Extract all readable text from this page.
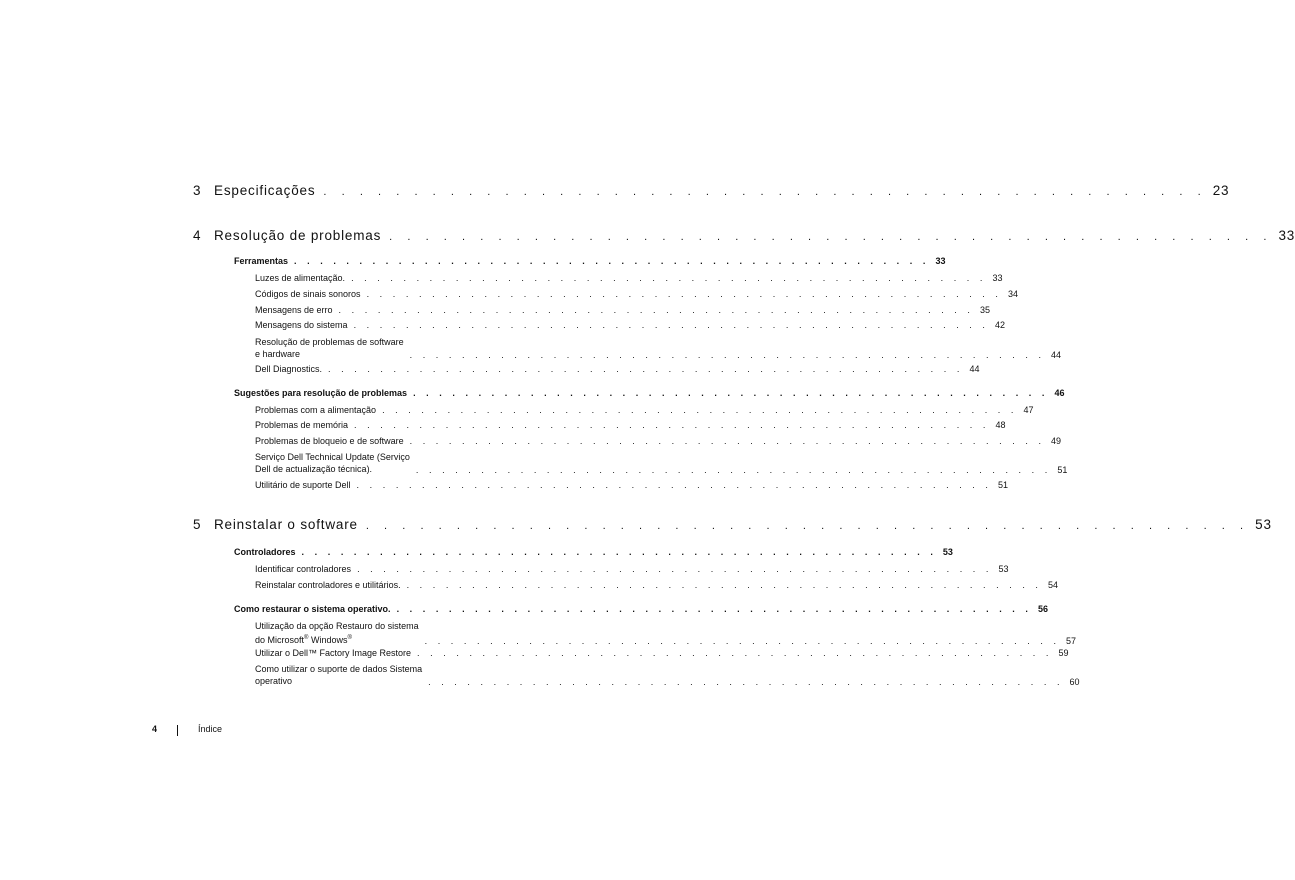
3 Especificações . . . . . . . . . . . . . . . . . . . . . . . . . . . . . . . . . . . . . . . . . . . . . . . . . 23
4 Resolução de problemas . . . . . . . . . . . . . . . . . . . . . . . . . . . . . . . . . . . . . . . . . . . . . . . . . 33
Ferramentas . . . . . . . . . . . . . . . . . . . . . . . . . . . . . . . . . . . . . . . . . . . . . . . . . 33
Luzes de alimentação. . . . . . . . . . . . . . . . . . . . . . . . . . . . . . . . . . . . . . . . . . . . . . . . . . 33
Códigos de sinais sonoros . . . . . . . . . . . . . . . . . . . . . . . . . . . . . . . . . . . . . . . . . . . . . . . . . 34
Mensagens de erro . . . . . . . . . . . . . . . . . . . . . . . . . . . . . . . . . . . . . . . . . . . . . . . . . 35
Mensagens do sistema . . . . . . . . . . . . . . . . . . . . . . . . . . . . . . . . . . . . . . . . . . . . . . . . . 42
Resolução de problemas de software
e hardware	. . . . . . . . . . . . . . . . . . . . . . . . . . . . . . . . . . . . . . . . . . . . . . . . . 44
Dell Diagnostics. . . . . . . . . . . . . . . . . . . . . . . . . . . . . . . . . . . . . . . . . . . . . . . . . . 44
Sugestões para resolução de problemas . . . . . . . . . . . . . . . . . . . . . . . . . . . . . . . . . . . . . . . . . . . . . . . . . 46
Problemas com a alimentação . . . . . . . . . . . . . . . . . . . . . . . . . . . . . . . . . . . . . . . . . . . . . . . . . 47
Problemas de memória . . . . . . . . . . . . . . . . . . . . . . . . . . . . . . . . . . . . . . . . . . . . . . . . . 48
Problemas de bloqueio e de software . . . . . . . . . . . . . . . . . . . . . . . . . . . . . . . . . . . . . . . . . . . . . . . . . 49
Serviço Dell Technical Update (Serviço
Dell de actualização técnica).	. . . . . . . . . . . . . . . . . . . . . . . . . . . . . . . . . . . . . . . . . . . . . . . . . 51
Utilitário de suporte Dell . . . . . . . . . . . . . . . . . . . . . . . . . . . . . . . . . . . . . . . . . . . . . . . . . 51
5 Reinstalar o software . . . . . . . . . . . . . . . . . . . . . . . . . . . . . . . . . . . . . . . . . . . . . . . . . 53
Controladores . . . . . . . . . . . . . . . . . . . . . . . . . . . . . . . . . . . . . . . . . . . . . . . . . 53
Identificar controladores . . . . . . . . . . . . . . . . . . . . . . . . . . . . . . . . . . . . . . . . . . . . . . . . . 53
Reinstalar controladores e utilitários. . . . . . . . . . . . . . . . . . . . . . . . . . . . . . . . . . . . . . . . . . . . . . . . . . 54
Como restaurar o sistema operativo. . . . . . . . . . . . . . . . . . . . . . . . . . . . . . . . . . . . . . . . . . . . . . . . . . 56
Utilização da opção Restauro do sistema
do Microsoft® Windows®	. . . . . . . . . . . . . . . . . . . . . . . . . . . . . . . . . . . . . . . . . . . . . . . . . 57
Utilizar o Dell™ Factory Image Restore . . . . . . . . . . . . . . . . . . . . . . . . . . . . . . . . . . . . . . . . . . . . . . . . . 59
Como utilizar o suporte de dados Sistema
operativo	. . . . . . . . . . . . . . . . . . . . . . . . . . . . . . . . . . . . . . . . . . . . . . . . . 60
4	Índice
